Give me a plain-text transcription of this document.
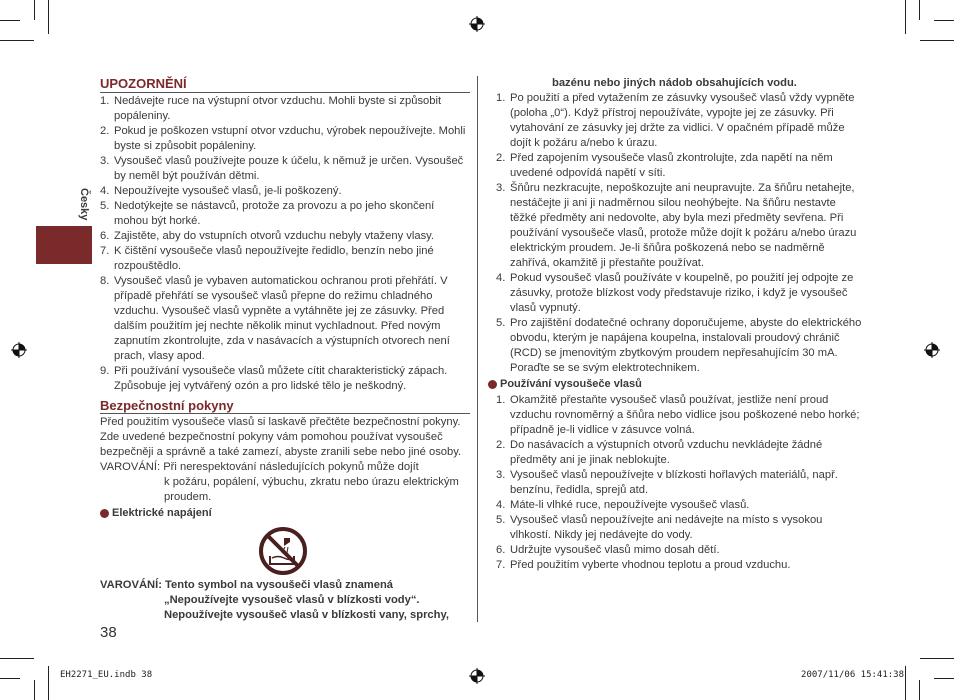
Česky
UPOZORNĚNÍ
1. Nedávejte ruce na výstupní otvor vzduchu. Mohli byste si způsobit popáleniny.
2. Pokud je poškozen vstupní otvor vzduchu, výrobek nepoužívejte. Mohli byste si způsobit popáleniny.
3. Vysoušeč vlasů používejte pouze k účelu, k němuž je určen. Vysoušeč by neměl být používán dětmi.
4. Nepoužívejte vysoušeč vlasů, je-li poškozený.
5. Nedotýkejte se nástavců, protože za provozu a po jeho skončení mohou být horké.
6. Zajistěte, aby do vstupních otvorů vzduchu nebyly vtaženy vlasy.
7. K čištění vysoušeče vlasů nepoužívejte ředidlo, benzín nebo jiné rozpouštědlo.
8. Vysoušeč vlasů je vybaven automatickou ochranou proti přehřátí. V případě přehřátí se vysoušeč vlasů přepne do režimu chladného vzduchu. Vysoušeč vlasů vypněte a vytáhněte jej ze zásuvky. Před dalším použitím jej nechte několik minut vychladnout. Před novým zapnutím zkontrolujte, zda v nasávacích a výstupních otvorech není prach, vlasy apod.
9. Při používání vysoušeče vlasů můžete cítit charakteristický zápach. Způsobuje jej vytvářený ozón a pro lidské tělo je neškodný.
Bezpečnostní pokyny

Před použitím vysoušeče vlasů si laskavě přečtěte bezpečnostní pokyny. Zde uvedené bezpečnostní pokyny vám pomohou používat vysoušeč bezpečněji a správně a také zamezí, abyste zranili sebe nebo jiné osoby.

VAROVÁNÍ: Při nerespektování následujících pokynů může dojít

k požáru, popálení, výbuchu, zkratu nebo úrazu elektrickým proudem.

Elektrické napájení

VAROVÁNÍ: Tento symbol na vysoušeči vlasů znamená

„Nepoužívejte vysoušeč vlasů v blízkosti vody“.

Nepoužívejte vysoušeč vlasů v blízkosti vany, sprchy,

bazénu nebo jiných nádob obsahujících vodu.

1. Po použití a před vytažením ze zásuvky vysoušeč vlasů vždy vypněte (poloha „0“). Když přístroj nepoužíváte, vypojte jej ze zásuvky. Při vytahování ze zásuvky jej držte za vidlici. V opačném případě může dojít k požáru a/nebo k úrazu.
2. Před zapojením vysoušeče vlasů zkontrolujte, zda napětí na něm uvedené odpovídá napětí v síti.
3. Šňůru nezkracujte, nepoškozujte ani neupravujte. Za šňůru netahejte, nestáčejte ji ani ji nadměrnou silou neohýbejte. Na šňůru nestavte těžké předměty ani nedovolte, aby byla mezi předměty sevřena. Při používání vysoušeče vlasů, protože může dojít k požáru a/nebo úrazu elektrickým proudem. Je-li šňůra poškozená nebo se nadměrně zahřívá, okamžitě ji přestaňte používat.
4. Pokud vysoušeč vlasů používáte v koupelně, po použití jej odpojte ze zásuvky, protože blízkost vody představuje riziko, i když je vysoušeč vlasů vypnutý.
5. Pro zajištění dodatečné ochrany doporučujeme, abyste do elektrického obvodu, kterým je napájena koupelna, instalovali proudový chránič (RCD) se jmenovitým zbytkovým proudem nepřesahujícím 30 mA. Poraďte se se svým elektrotechnikem.
Používání vysoušeče vlasů
1. Okamžitě přestaňte vysoušeč vlasů používat, jestliže není proud vzduchu rovnoměrný a šňůra nebo vidlice jsou poškozené nebo horké; případně je-li vidlice v zásuvce volná.
2. Do nasávacích a výstupních otvorů vzduchu nevkládejte žádné předměty ani je jinak neblokujte.
3. Vysoušeč vlasů nepoužívejte v blízkosti hořlavých materiálů, např. benzínu, ředidla, sprejů atd.
4. Máte-li vlhké ruce, nepoužívejte vysoušeč vlasů.
5. Vysoušeč vlasů nepoužívejte ani nedávejte na místo s vysokou vlhkostí. Nikdy jej nedávejte do vody.
6. Udržujte vysoušeč vlasů mimo dosah dětí.
7. Před použitím vyberte vhodnou teplotu a proud vzduchu.
38
EH2271_EU.indb 38	2007/11/06 15:41:38
